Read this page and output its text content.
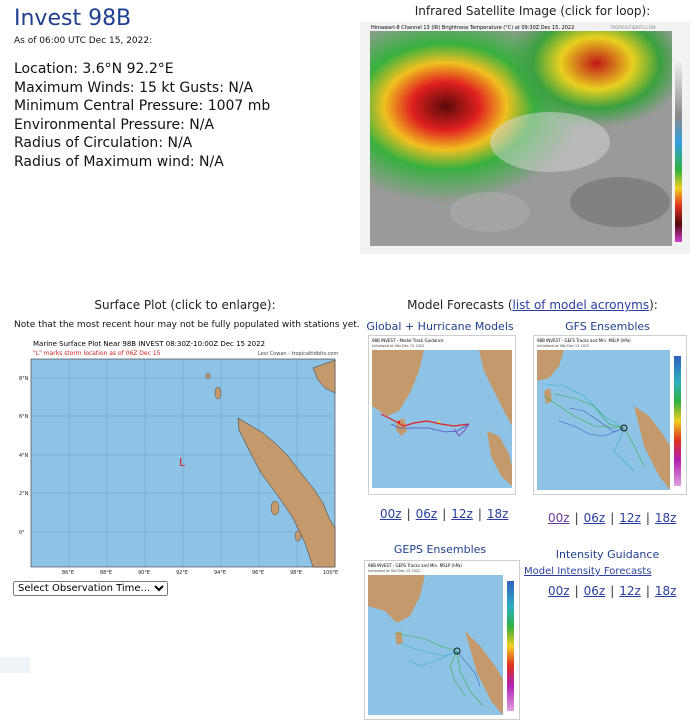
Invest 98B
As of 06:00 UTC Dec 15, 2022:
Location: 3.6°N 92.2°E
Maximum Winds: 15 kt Gusts: N/A
Minimum Central Pressure: 1007 mb
Environmental Pressure: N/A
Radius of Circulation: N/A
Radius of Maximum wind: N/A
Infrared Satellite Image (click for loop):
Himawari-8 Channel 13 (IR) Brightness Temperature (°C) at 09:30Z Dec 15, 2022	TROPICALTIDBITS.COM
Surface Plot (click to enlarge):
Note that the most recent hour may not be fully populated with stations yet.
Marine Surface Plot Near 98B INVEST 08:30Z-10:00Z Dec 15 2022
"L" marks storm location as of 06Z Dec 15	Levi Cowan - tropicaltidbits.com
L
8°N
6°N
4°N
2°N
0°
86°E	88°E	90°E	92°E	94°E	96°E	98°E	100°E
Select Observation Time...
Model Forecasts (list of model acronyms):
Global + Hurricane Models
98B INVEST - Model Track Guidance
Initialized at 06z Dec 15 2022
00z | 06z | 12z | 18z
GFS Ensembles
98B INVEST - GEFS Tracks and Min. MSLP (hPa)
Initialized at 06z Dec 15 2022
00z | 06z | 12z | 18z
GEPS Ensembles
98B INVEST - GEPS Tracks and Min. MSLP (hPa)
Initialized at 00z Dec 15 2022
Intensity Guidance
Model Intensity Forecasts
00z | 06z | 12z | 18z
